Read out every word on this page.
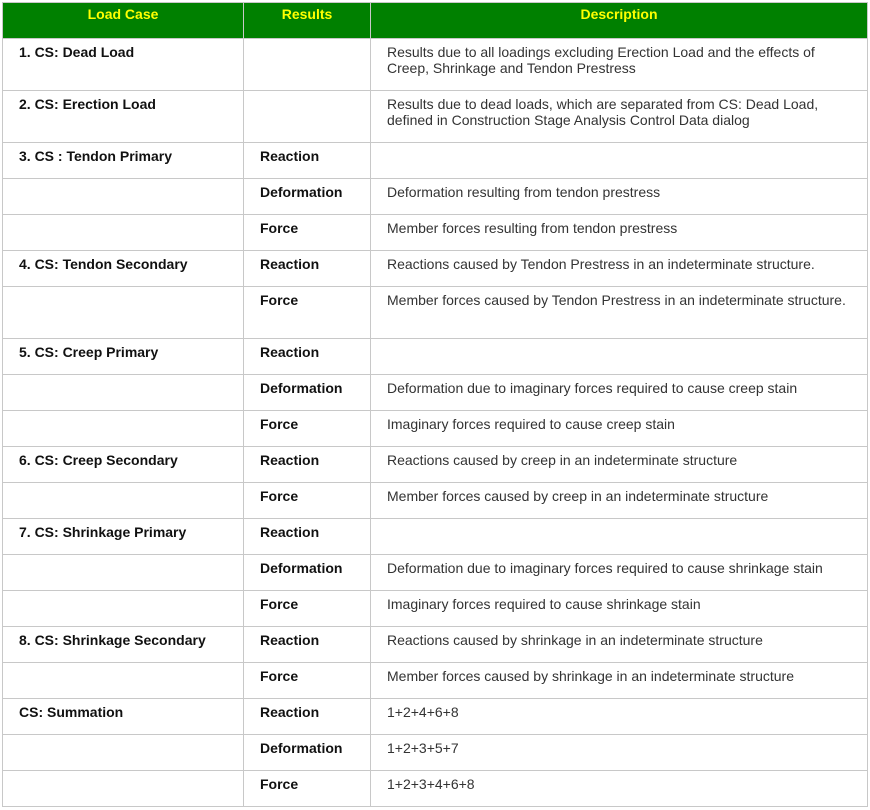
Load Case	Results	Description
1. CS: Dead Load		Results due to all loadings excluding Erection Load and the effects of Creep, Shrinkage and Tendon Prestress
2. CS: Erection Load		Results due to dead loads, which are separated from CS: Dead Load, defined in Construction Stage Analysis Control Data dialog
3. CS : Tendon Primary	Reaction	
	Deformation	Deformation resulting from tendon prestress
	Force	Member forces resulting from tendon prestress
4. CS: Tendon Secondary	Reaction	Reactions caused by Tendon Prestress in an indeterminate structure.
	Force	Member forces caused by Tendon Prestress in an indeterminate structure.
5. CS: Creep Primary	Reaction	
	Deformation	Deformation due to imaginary forces required to cause creep stain
	Force	Imaginary forces required to cause creep stain
6. CS: Creep Secondary	Reaction	Reactions caused by creep in an indeterminate structure
	Force	Member forces caused by creep in an indeterminate structure
7. CS: Shrinkage Primary	Reaction	
	Deformation	Deformation due to imaginary forces required to cause shrinkage stain
	Force	Imaginary forces required to cause shrinkage stain
8. CS: Shrinkage Secondary	Reaction	Reactions caused by shrinkage in an indeterminate structure
	Force	Member forces caused by shrinkage in an indeterminate structure
CS: Summation	Reaction	1+2+4+6+8
	Deformation	1+2+3+5+7
	Force	1+2+3+4+6+8
